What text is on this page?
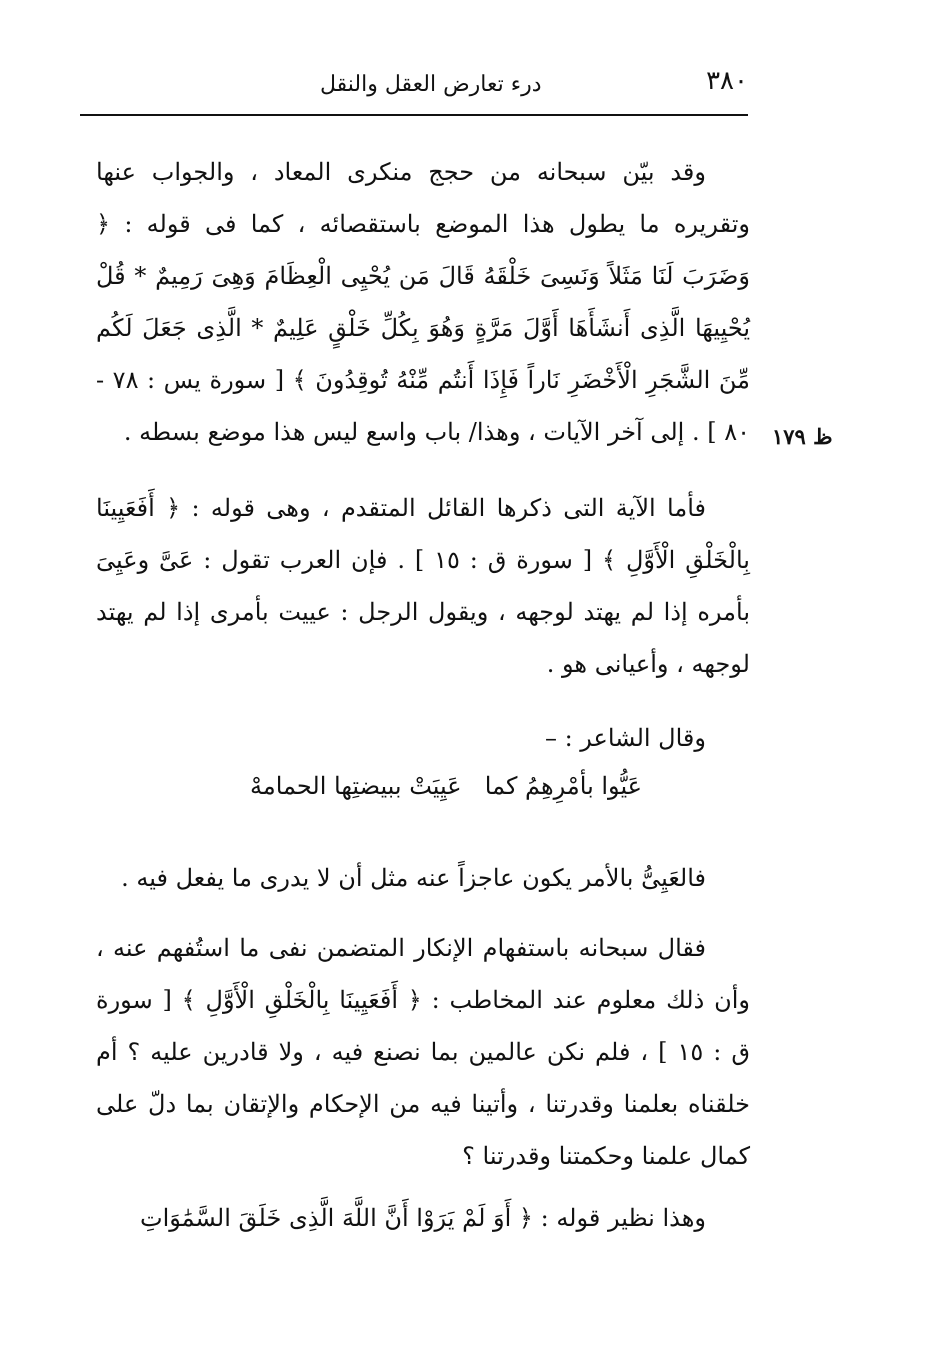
٣٨٠
درء تعارض العقل والنقل
ظ ١٧٩

وقد بيّن سبحانه من حجج منكرى المعاد ، والجواب عنها وتقريره ما يطول هذا الموضع باستقصائه ، كما فى قوله : ﴿ وَضَرَبَ لَنَا مَثَلاً وَنَسِىَ خَلْقَهُ قَالَ مَن يُحْيِى الْعِظَامَ وَهِىَ رَمِيمٌ * قُلْ يُحْيِيهَا الَّذِى أَنشَأَهَا أَوَّلَ مَرَّةٍ وَهُوَ بِكُلِّ خَلْقٍ عَلِيمٌ * الَّذِى جَعَلَ لَكُم مِّنَ الشَّجَرِ الْأَخْضَرِ نَاراً فَإِذَا أَنتُم مِّنْهُ تُوقِدُونَ ﴾ [ سورة يس : ٧٨ - ٨٠ ] . إلى آخر الآيات ، وهذا/ باب واسع ليس هذا موضع بسطه .

فأما الآية التى ذكرها القائل المتقدم ، وهى قوله : ﴿ أَفَعَيِينَا بِالْخَلْقِ الْأَوَّلِ ﴾ [ سورة ق : ١٥ ] . فإن العرب تقول : عَىَّ وعَيِىَ بأمره إذا لم يهتد لوجهه ، ويقول الرجل : عييت بأمرى إذا لم يهتد لوجهه ، وأعيانى هو .

وقال الشاعر : –

عَيُّوا بأمْرِهِمُ كما
عَيِيَتْ ببيضتِها الحمامهْ

فالعَيِىُّ بالأمر يكون عاجزاً عنه مثل أن لا يدرى ما يفعل فيه .

فقال سبحانه باستفهام الإنكار المتضمن نفى ما استُفهم عنه ، وأن ذلك معلوم عند المخاطب : ﴿ أَفَعَيِينَا بِالْخَلْقِ الْأَوَّلِ ﴾ [ سورة ق : ١٥ ] ، فلم نكن عالمين بما نصنع فيه ، ولا قادرين عليه ؟ أم خلقناه بعلمنا وقدرتنا ، وأتينا فيه من الإحكام والإتقان بما دلّ على كمال علمنا وحكمتنا وقدرتنا ؟

وهذا نظير قوله : ﴿ أَوَ لَمْ يَرَوْا أَنَّ اللَّهَ الَّذِى خَلَقَ السَّمَٰوَاتِ
